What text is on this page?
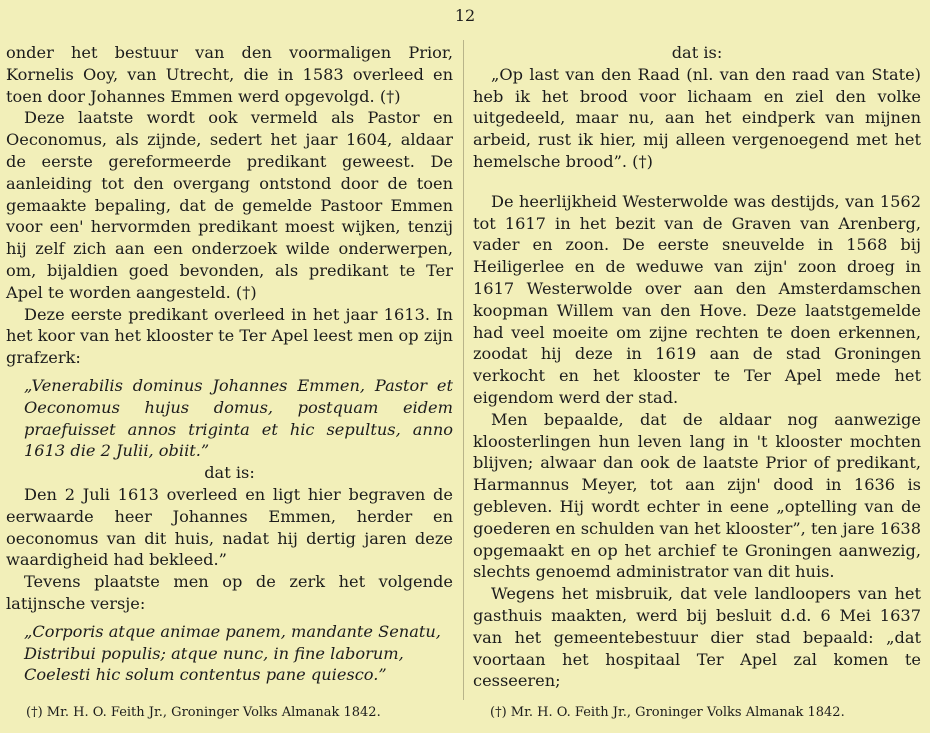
12

onder het bestuur van den voormaligen Prior, Kornelis Ooy, van Utrecht, die in 1583 overleed en toen door Johannes Emmen werd opgevolgd. (†)

Deze laatste wordt ook vermeld als Pastor en Oeconomus, als zijnde, sedert het jaar 1604, aldaar de eerste gereformeerde predikant geweest. De aanleiding tot den overgang ontstond door de toen gemaakte bepaling, dat de gemelde Pastoor Emmen voor een' hervormden predikant moest wijken, tenzij hij zelf zich aan een onderzoek wilde onderwerpen, om, bijaldien goed bevonden, als predikant te Ter Apel te worden aangesteld. (†)

Deze eerste predikant overleed in het jaar 1613. In het koor van het klooster te Ter Apel leest men op zijn grafzerk:

„Venerabilis dominus Johannes Emmen, Pastor et Oeconomus hujus domus, postquam eidem praefuisset annos triginta et hic sepultus, anno 1613 die 2 Julii, obiit.”

dat is:

Den 2 Juli 1613 overleed en ligt hier begraven de eerwaarde heer Johannes Emmen, herder en oeconomus van dit huis, nadat hij dertig jaren deze waardigheid had bekleed.”

Tevens plaatste men op de zerk het volgende latijnsche versje:

„Corporis atque animae panem, mandante Senatu,
Distribui populis; atque nunc, in fine laborum,
Coelesti hic solum contentus pane quiesco.”

dat is:

„Op last van den Raad (nl. van den raad van State) heb ik het brood voor lichaam en ziel den volke uitgedeeld, maar nu, aan het eindperk van mijnen arbeid, rust ik hier, mij alleen vergenoegend met het hemelsche brood”. (†)

De heerlijkheid Westerwolde was destijds, van 1562 tot 1617 in het bezit van de Graven van Arenberg, vader en zoon. De eerste sneuvelde in 1568 bij Heiligerlee en de weduwe van zijn' zoon droeg in 1617 Westerwolde over aan den Amsterdamschen koopman Willem van den Hove. Deze laatstgemelde had veel moeite om zijne rechten te doen erkennen, zoodat hij deze in 1619 aan de stad Groningen verkocht en het klooster te Ter Apel mede het eigendom werd der stad.

Men bepaalde, dat de aldaar nog aanwezige kloosterlingen hun leven lang in 't klooster mochten blijven; alwaar dan ook de laatste Prior of predikant, Harmannus Meyer, tot aan zijn' dood in 1636 is gebleven. Hij wordt echter in eene „optelling van de goederen en schulden van het klooster”, ten jare 1638 opgemaakt en op het archief te Groningen aanwezig, slechts genoemd administrator van dit huis.

Wegens het misbruik, dat vele landloopers van het gasthuis maakten, werd bij besluit d.d. 6 Mei 1637 van het gemeentebestuur dier stad bepaald: „dat voortaan het hospitaal Ter Apel zal komen te cesseeren;

(†) Mr. H. O. Feith Jr., Groninger Volks Almanak 1842.	(†) Mr. H. O. Feith Jr., Groninger Volks Almanak 1842.
